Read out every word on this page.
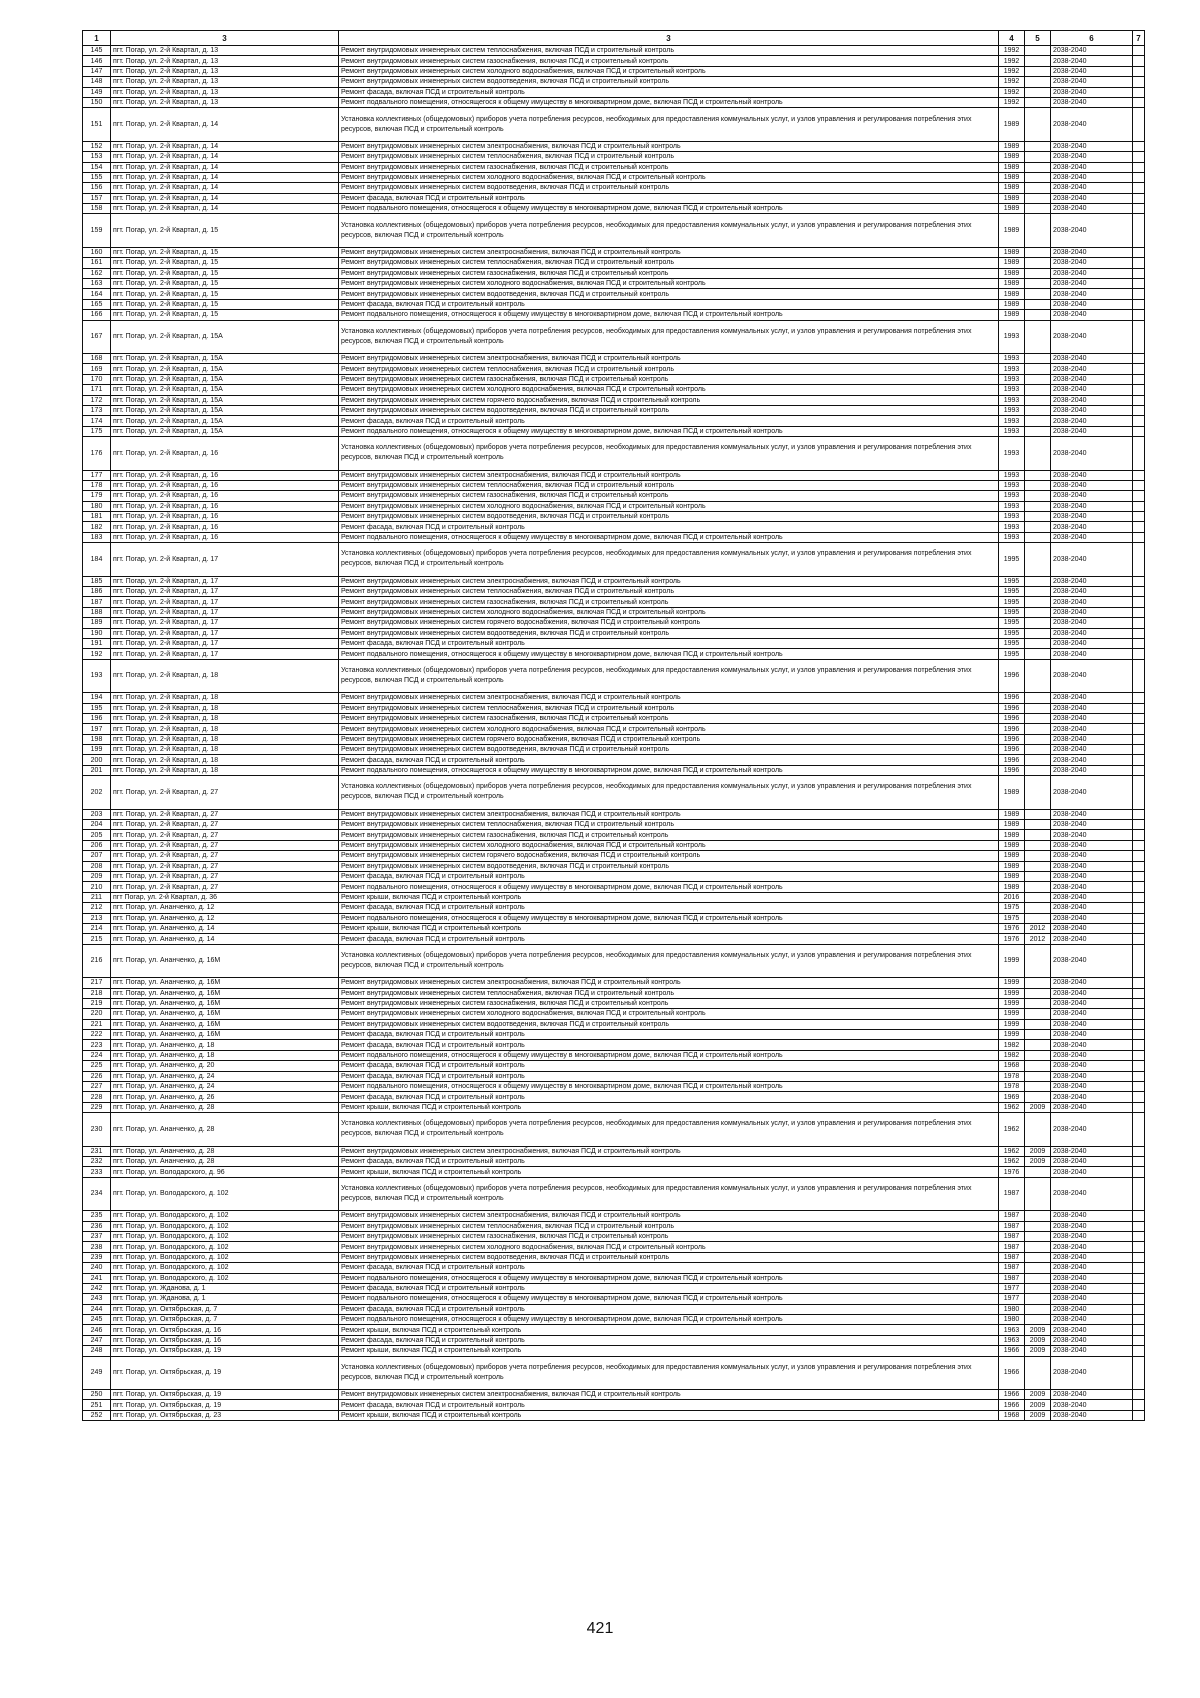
1	3	3	4	5	6	7
145	пгт. Погар, ул. 2-й Квартал, д. 13	Ремонт внутридомовых инженерных систем теплоснабжения, включая ПСД и строительный контроль	1992		2038-2040	
146	пгт. Погар, ул. 2-й Квартал, д. 13	Ремонт внутридомовых инженерных систем газоснабжения, включая ПСД и строительный контроль	1992		2038-2040	
147	пгт. Погар, ул. 2-й Квартал, д. 13	Ремонт внутридомовых инженерных систем холодного водоснабжения, включая ПСД и строительный контроль	1992		2038-2040	
148	пгт. Погар, ул. 2-й Квартал, д. 13	Ремонт внутридомовых инженерных систем водоотведения, включая ПСД и строительный контроль	1992		2038-2040	
149	пгт. Погар, ул. 2-й Квартал, д. 13	Ремонт фасада, включая ПСД и строительный контроль	1992		2038-2040	
150	пгт. Погар, ул. 2-й Квартал, д. 13	Ремонт подвального помещения, относящегося к общему имуществу в многоквартирном доме, включая ПСД и строительный контроль	1992		2038-2040	
151	пгт. Погар, ул. 2-й Квартал, д. 14	Установка коллективных (общедомовых) приборов учета потребления ресурсов, необходимых для предоставления коммунальных услуг, и узлов управления и регулирования потребления этих ресурсов, включая ПСД и строительный контроль	1989		2038-2040	
152	пгт. Погар, ул. 2-й Квартал, д. 14	Ремонт внутридомовых инженерных систем электроснабжения, включая ПСД и строительный контроль	1989		2038-2040	
153	пгт. Погар, ул. 2-й Квартал, д. 14	Ремонт внутридомовых инженерных систем теплоснабжения, включая ПСД и строительный контроль	1989		2038-2040	
154	пгт. Погар, ул. 2-й Квартал, д. 14	Ремонт внутридомовых инженерных систем газоснабжения, включая ПСД и строительный контроль	1989		2038-2040	
155	пгт. Погар, ул. 2-й Квартал, д. 14	Ремонт внутридомовых инженерных систем холодного водоснабжения, включая ПСД и строительный контроль	1989		2038-2040	
156	пгт. Погар, ул. 2-й Квартал, д. 14	Ремонт внутридомовых инженерных систем водоотведения, включая ПСД и строительный контроль	1989		2038-2040	
157	пгт. Погар, ул. 2-й Квартал, д. 14	Ремонт фасада, включая ПСД и строительный контроль	1989		2038-2040	
158	пгт. Погар, ул. 2-й Квартал, д. 14	Ремонт подвального помещения, относящегося к общему имуществу в многоквартирном доме, включая ПСД и строительный контроль	1989		2038-2040	
159	пгт. Погар, ул. 2-й Квартал, д. 15	Установка коллективных (общедомовых) приборов учета потребления ресурсов, необходимых для предоставления коммунальных услуг, и узлов управления и регулирования потребления этих ресурсов, включая ПСД и строительный контроль	1989		2038-2040	
160	пгт. Погар, ул. 2-й Квартал, д. 15	Ремонт внутридомовых инженерных систем электроснабжения, включая ПСД и строительный контроль	1989		2038-2040	
161	пгт. Погар, ул. 2-й Квартал, д. 15	Ремонт внутридомовых инженерных систем теплоснабжения, включая ПСД и строительный контроль	1989		2038-2040	
162	пгт. Погар, ул. 2-й Квартал, д. 15	Ремонт внутридомовых инженерных систем газоснабжения, включая ПСД и строительный контроль	1989		2038-2040	
163	пгт. Погар, ул. 2-й Квартал, д. 15	Ремонт внутридомовых инженерных систем холодного водоснабжения, включая ПСД и строительный контроль	1989		2038-2040	
164	пгт. Погар, ул. 2-й Квартал, д. 15	Ремонт внутридомовых инженерных систем водоотведения, включая ПСД и строительный контроль	1989		2038-2040	
165	пгт. Погар, ул. 2-й Квартал, д. 15	Ремонт фасада, включая ПСД и строительный контроль	1989		2038-2040	
166	пгт. Погар, ул. 2-й Квартал, д. 15	Ремонт подвального помещения, относящегося к общему имуществу в многоквартирном доме, включая ПСД и строительный контроль	1989		2038-2040	
167	пгт. Погар, ул. 2-й Квартал, д. 15А	Установка коллективных (общедомовых) приборов учета потребления ресурсов, необходимых для предоставления коммунальных услуг, и узлов управления и регулирования потребления этих ресурсов, включая ПСД и строительный контроль	1993		2038-2040	
168	пгт. Погар, ул. 2-й Квартал, д. 15А	Ремонт внутридомовых инженерных систем электроснабжения, включая ПСД и строительный контроль	1993		2038-2040	
169	пгт. Погар, ул. 2-й Квартал, д. 15А	Ремонт внутридомовых инженерных систем теплоснабжения, включая ПСД и строительный контроль	1993		2038-2040	
170	пгт. Погар, ул. 2-й Квартал, д. 15А	Ремонт внутридомовых инженерных систем газоснабжения, включая ПСД и строительный контроль	1993		2038-2040	
171	пгт. Погар, ул. 2-й Квартал, д. 15А	Ремонт внутридомовых инженерных систем холодного водоснабжения, включая ПСД и строительный контроль	1993		2038-2040	
172	пгт. Погар, ул. 2-й Квартал, д. 15А	Ремонт внутридомовых инженерных систем горячего водоснабжения, включая ПСД и строительный контроль	1993		2038-2040	
173	пгт. Погар, ул. 2-й Квартал, д. 15А	Ремонт внутридомовых инженерных систем водоотведения, включая ПСД и строительный контроль	1993		2038-2040	
174	пгт. Погар, ул. 2-й Квартал, д. 15А	Ремонт фасада, включая ПСД и строительный контроль	1993		2038-2040	
175	пгт. Погар, ул. 2-й Квартал, д. 15А	Ремонт подвального помещения, относящегося к общему имуществу в многоквартирном доме, включая ПСД и строительный контроль	1993		2038-2040	
176	пгт. Погар, ул. 2-й Квартал, д. 16	Установка коллективных (общедомовых) приборов учета потребления ресурсов, необходимых для предоставления коммунальных услуг, и узлов управления и регулирования потребления этих ресурсов, включая ПСД и строительный контроль	1993		2038-2040	
177	пгт. Погар, ул. 2-й Квартал, д. 16	Ремонт внутридомовых инженерных систем электроснабжения, включая ПСД и строительный контроль	1993		2038-2040	
178	пгт. Погар, ул. 2-й Квартал, д. 16	Ремонт внутридомовых инженерных систем теплоснабжения, включая ПСД и строительный контроль	1993		2038-2040	
179	пгт. Погар, ул. 2-й Квартал, д. 16	Ремонт внутридомовых инженерных систем газоснабжения, включая ПСД и строительный контроль	1993		2038-2040	
180	пгт. Погар, ул. 2-й Квартал, д. 16	Ремонт внутридомовых инженерных систем холодного водоснабжения, включая ПСД и строительный контроль	1993		2038-2040	
181	пгт. Погар, ул. 2-й Квартал, д. 16	Ремонт внутридомовых инженерных систем водоотведения, включая ПСД и строительный контроль	1993		2038-2040	
182	пгт. Погар, ул. 2-й Квартал, д. 16	Ремонт фасада, включая ПСД и строительный контроль	1993		2038-2040	
183	пгт. Погар, ул. 2-й Квартал, д. 16	Ремонт подвального помещения, относящегося к общему имуществу в многоквартирном доме, включая ПСД и строительный контроль	1993		2038-2040	
184	пгт. Погар, ул. 2-й Квартал, д. 17	Установка коллективных (общедомовых) приборов учета потребления ресурсов, необходимых для предоставления коммунальных услуг, и узлов управления и регулирования потребления этих ресурсов, включая ПСД и строительный контроль	1995		2038-2040	
185	пгт. Погар, ул. 2-й Квартал, д. 17	Ремонт внутридомовых инженерных систем электроснабжения, включая ПСД и строительный контроль	1995		2038-2040	
186	пгт. Погар, ул. 2-й Квартал, д. 17	Ремонт внутридомовых инженерных систем теплоснабжения, включая ПСД и строительный контроль	1995		2038-2040	
187	пгт. Погар, ул. 2-й Квартал, д. 17	Ремонт внутридомовых инженерных систем газоснабжения, включая ПСД и строительный контроль	1995		2038-2040	
188	пгт. Погар, ул. 2-й Квартал, д. 17	Ремонт внутридомовых инженерных систем холодного водоснабжения, включая ПСД и строительный контроль	1995		2038-2040	
189	пгт. Погар, ул. 2-й Квартал, д. 17	Ремонт внутридомовых инженерных систем горячего водоснабжения, включая ПСД и строительный контроль	1995		2038-2040	
190	пгт. Погар, ул. 2-й Квартал, д. 17	Ремонт внутридомовых инженерных систем водоотведения, включая ПСД и строительный контроль	1995		2038-2040	
191	пгт. Погар, ул. 2-й Квартал, д. 17	Ремонт фасада, включая ПСД и строительный контроль	1995		2038-2040	
192	пгт. Погар, ул. 2-й Квартал, д. 17	Ремонт подвального помещения, относящегося к общему имуществу в многоквартирном доме, включая ПСД и строительный контроль	1995		2038-2040	
193	пгт. Погар, ул. 2-й Квартал, д. 18	Установка коллективных (общедомовых) приборов учета потребления ресурсов, необходимых для предоставления коммунальных услуг, и узлов управления и регулирования потребления этих ресурсов, включая ПСД и строительный контроль	1996		2038-2040	
194	пгт. Погар, ул. 2-й Квартал, д. 18	Ремонт внутридомовых инженерных систем электроснабжения, включая ПСД и строительный контроль	1996		2038-2040	
195	пгт. Погар, ул. 2-й Квартал, д. 18	Ремонт внутридомовых инженерных систем теплоснабжения, включая ПСД и строительный контроль	1996		2038-2040	
196	пгт. Погар, ул. 2-й Квартал, д. 18	Ремонт внутридомовых инженерных систем газоснабжения, включая ПСД и строительный контроль	1996		2038-2040	
197	пгт. Погар, ул. 2-й Квартал, д. 18	Ремонт внутридомовых инженерных систем холодного водоснабжения, включая ПСД и строительный контроль	1996		2038-2040	
198	пгт. Погар, ул. 2-й Квартал, д. 18	Ремонт внутридомовых инженерных систем горячего водоснабжения, включая ПСД и строительный контроль	1996		2038-2040	
199	пгт. Погар, ул. 2-й Квартал, д. 18	Ремонт внутридомовых инженерных систем водоотведения, включая ПСД и строительный контроль	1996		2038-2040	
200	пгт. Погар, ул. 2-й Квартал, д. 18	Ремонт фасада, включая ПСД и строительный контроль	1996		2038-2040	
201	пгт. Погар, ул. 2-й Квартал, д. 18	Ремонт подвального помещения, относящегося к общему имуществу в многоквартирном доме, включая ПСД и строительный контроль	1996		2038-2040	
202	пгт. Погар, ул. 2-й Квартал, д. 27	Установка коллективных (общедомовых) приборов учета потребления ресурсов, необходимых для предоставления коммунальных услуг, и узлов управления и регулирования потребления этих ресурсов, включая ПСД и строительный контроль	1989		2038-2040	
203	пгт. Погар, ул. 2-й Квартал, д. 27	Ремонт внутридомовых инженерных систем электроснабжения, включая ПСД и строительный контроль	1989		2038-2040	
204	пгт. Погар, ул. 2-й Квартал, д. 27	Ремонт внутридомовых инженерных систем теплоснабжения, включая ПСД и строительный контроль	1989		2038-2040	
205	пгт. Погар, ул. 2-й Квартал, д. 27	Ремонт внутридомовых инженерных систем газоснабжения, включая ПСД и строительный контроль	1989		2038-2040	
206	пгт. Погар, ул. 2-й Квартал, д. 27	Ремонт внутридомовых инженерных систем холодного водоснабжения, включая ПСД и строительный контроль	1989		2038-2040	
207	пгт. Погар, ул. 2-й Квартал, д. 27	Ремонт внутридомовых инженерных систем горячего водоснабжения, включая ПСД и строительный контроль	1989		2038-2040	
208	пгт. Погар, ул. 2-й Квартал, д. 27	Ремонт внутридомовых инженерных систем водоотведения, включая ПСД и строительный контроль	1989		2038-2040	
209	пгт. Погар, ул. 2-й Квартал, д. 27	Ремонт фасада, включая ПСД и строительный контроль	1989		2038-2040	
210	пгт. Погар, ул. 2-й Квартал, д. 27	Ремонт подвального помещения, относящегося к общему имуществу в многоквартирном доме, включая ПСД и строительный контроль	1989		2038-2040	
211	пгт Погар, ул. 2-й Квартал, д. 36	Ремонт крыши, включая ПСД и строительный контроль	2016		2038-2040	
212	пгт. Погар, ул. Ананченко, д. 12	Ремонт фасада, включая ПСД и строительный контроль	1975		2038-2040	
213	пгт. Погар, ул. Ананченко, д. 12	Ремонт подвального помещения, относящегося к общему имуществу в многоквартирном доме, включая ПСД и строительный контроль	1975		2038-2040	
214	пгт. Погар, ул. Ананченко, д. 14	Ремонт крыши, включая ПСД и строительный контроль	1976	2012	2038-2040	
215	пгт. Погар, ул. Ананченко, д. 14	Ремонт фасада, включая ПСД и строительный контроль	1976	2012	2038-2040	
216	пгт. Погар, ул. Ананченко, д. 16М	Установка коллективных (общедомовых) приборов учета потребления ресурсов, необходимых для предоставления коммунальных услуг, и узлов управления и регулирования потребления этих ресурсов, включая ПСД и строительный контроль	1999		2038-2040	
217	пгт. Погар, ул. Ананченко, д. 16М	Ремонт внутридомовых инженерных систем электроснабжения, включая ПСД и строительный контроль	1999		2038-2040	
218	пгт. Погар, ул. Ананченко, д. 16М	Ремонт внутридомовых инженерных систем теплоснабжения, включая ПСД и строительный контроль	1999		2038-2040	
219	пгт. Погар, ул. Ананченко, д. 16М	Ремонт внутридомовых инженерных систем газоснабжения, включая ПСД и строительный контроль	1999		2038-2040	
220	пгт. Погар, ул. Ананченко, д. 16М	Ремонт внутридомовых инженерных систем холодного водоснабжения, включая ПСД и строительный контроль	1999		2038-2040	
221	пгт. Погар, ул. Ананченко, д. 16М	Ремонт внутридомовых инженерных систем водоотведения, включая ПСД и строительный контроль	1999		2038-2040	
222	пгт. Погар, ул. Ананченко, д. 16М	Ремонт фасада, включая ПСД и строительный контроль	1999		2038-2040	
223	пгт. Погар, ул. Ананченко, д. 18	Ремонт фасада, включая ПСД и строительный контроль	1982		2038-2040	
224	пгт. Погар, ул. Ананченко, д. 18	Ремонт подвального помещения, относящегося к общему имуществу в многоквартирном доме, включая ПСД и строительный контроль	1982		2038-2040	
225	пгт. Погар, ул. Ананченко, д. 20	Ремонт фасада, включая ПСД и строительный контроль	1968		2038-2040	
226	пгт. Погар, ул. Ананченко, д. 24	Ремонт фасада, включая ПСД и строительный контроль	1978		2038-2040	
227	пгт. Погар, ул. Ананченко, д. 24	Ремонт подвального помещения, относящегося к общему имуществу в многоквартирном доме, включая ПСД и строительный контроль	1978		2038-2040	
228	пгт. Погар, ул. Ананченко, д. 26	Ремонт фасада, включая ПСД и строительный контроль	1969		2038-2040	
229	пгт. Погар, ул. Ананченко, д. 28	Ремонт крыши, включая ПСД и строительный контроль	1962	2009	2038-2040	
230	пгт. Погар, ул. Ананченко, д. 28	Установка коллективных (общедомовых) приборов учета потребления ресурсов, необходимых для предоставления коммунальных услуг, и узлов управления и регулирования потребления этих ресурсов, включая ПСД и строительный контроль	1962		2038-2040	
231	пгт. Погар, ул. Ананченко, д. 28	Ремонт внутридомовых инженерных систем электроснабжения, включая ПСД и строительный контроль	1962	2009	2038-2040	
232	пгт. Погар, ул. Ананченко, д. 28	Ремонт фасада, включая ПСД и строительный контроль	1962	2009	2038-2040	
233	пгт. Погар, ул. Володарского, д. 96	Ремонт крыши, включая ПСД и строительный контроль	1976		2038-2040	
234	пгт. Погар, ул. Володарского, д. 102	Установка коллективных (общедомовых) приборов учета потребления ресурсов, необходимых для предоставления коммунальных услуг, и узлов управления и регулирования потребления этих ресурсов, включая ПСД и строительный контроль	1987		2038-2040	
235	пгт. Погар, ул. Володарского, д. 102	Ремонт внутридомовых инженерных систем электроснабжения, включая ПСД и строительный контроль	1987		2038-2040	
236	пгт. Погар, ул. Володарского, д. 102	Ремонт внутридомовых инженерных систем теплоснабжения, включая ПСД и строительный контроль	1987		2038-2040	
237	пгт. Погар, ул. Володарского, д. 102	Ремонт внутридомовых инженерных систем газоснабжения, включая ПСД и строительный контроль	1987		2038-2040	
238	пгт. Погар, ул. Володарского, д. 102	Ремонт внутридомовых инженерных систем холодного водоснабжения, включая ПСД и строительный контроль	1987		2038-2040	
239	пгт. Погар, ул. Володарского, д. 102	Ремонт внутридомовых инженерных систем водоотведения, включая ПСД и строительный контроль	1987		2038-2040	
240	пгт. Погар, ул. Володарского, д. 102	Ремонт фасада, включая ПСД и строительный контроль	1987		2038-2040	
241	пгт. Погар, ул. Володарского, д. 102	Ремонт подвального помещения, относящегося к общему имуществу в многоквартирном доме, включая ПСД и строительный контроль	1987		2038-2040	
242	пгт. Погар, ул. Жданова, д. 1	Ремонт фасада, включая ПСД и строительный контроль	1977		2038-2040	
243	пгт. Погар, ул. Жданова, д. 1	Ремонт подвального помещения, относящегося к общему имуществу в многоквартирном доме, включая ПСД и строительный контроль	1977		2038-2040	
244	пгт. Погар, ул. Октябрьская, д. 7	Ремонт фасада, включая ПСД и строительный контроль	1980		2038-2040	
245	пгт. Погар, ул. Октябрьская, д. 7	Ремонт подвального помещения, относящегося к общему имуществу в многоквартирном доме, включая ПСД и строительный контроль	1980		2038-2040	
246	пгт. Погар, ул. Октябрьская, д. 16	Ремонт крыши, включая ПСД и строительный контроль	1963	2009	2038-2040	
247	пгт. Погар, ул. Октябрьская, д. 16	Ремонт фасада, включая ПСД и строительный контроль	1963	2009	2038-2040	
248	пгт. Погар, ул. Октябрьская, д. 19	Ремонт крыши, включая ПСД и строительный контроль	1966	2009	2038-2040	
249	пгт. Погар, ул. Октябрьская, д. 19	Установка коллективных (общедомовых) приборов учета потребления ресурсов, необходимых для предоставления коммунальных услуг, и узлов управления и регулирования потребления этих ресурсов, включая ПСД и строительный контроль	1966		2038-2040	
250	пгт. Погар, ул. Октябрьская, д. 19	Ремонт внутридомовых инженерных систем электроснабжения, включая ПСД и строительный контроль	1966	2009	2038-2040	
251	пгт. Погар, ул. Октябрьская, д. 19	Ремонт фасада, включая ПСД и строительный контроль	1966	2009	2038-2040	
252	пгт. Погар, ул. Октябрьская, д. 23	Ремонт крыши, включая ПСД и строительный контроль	1968	2009	2038-2040	
421
